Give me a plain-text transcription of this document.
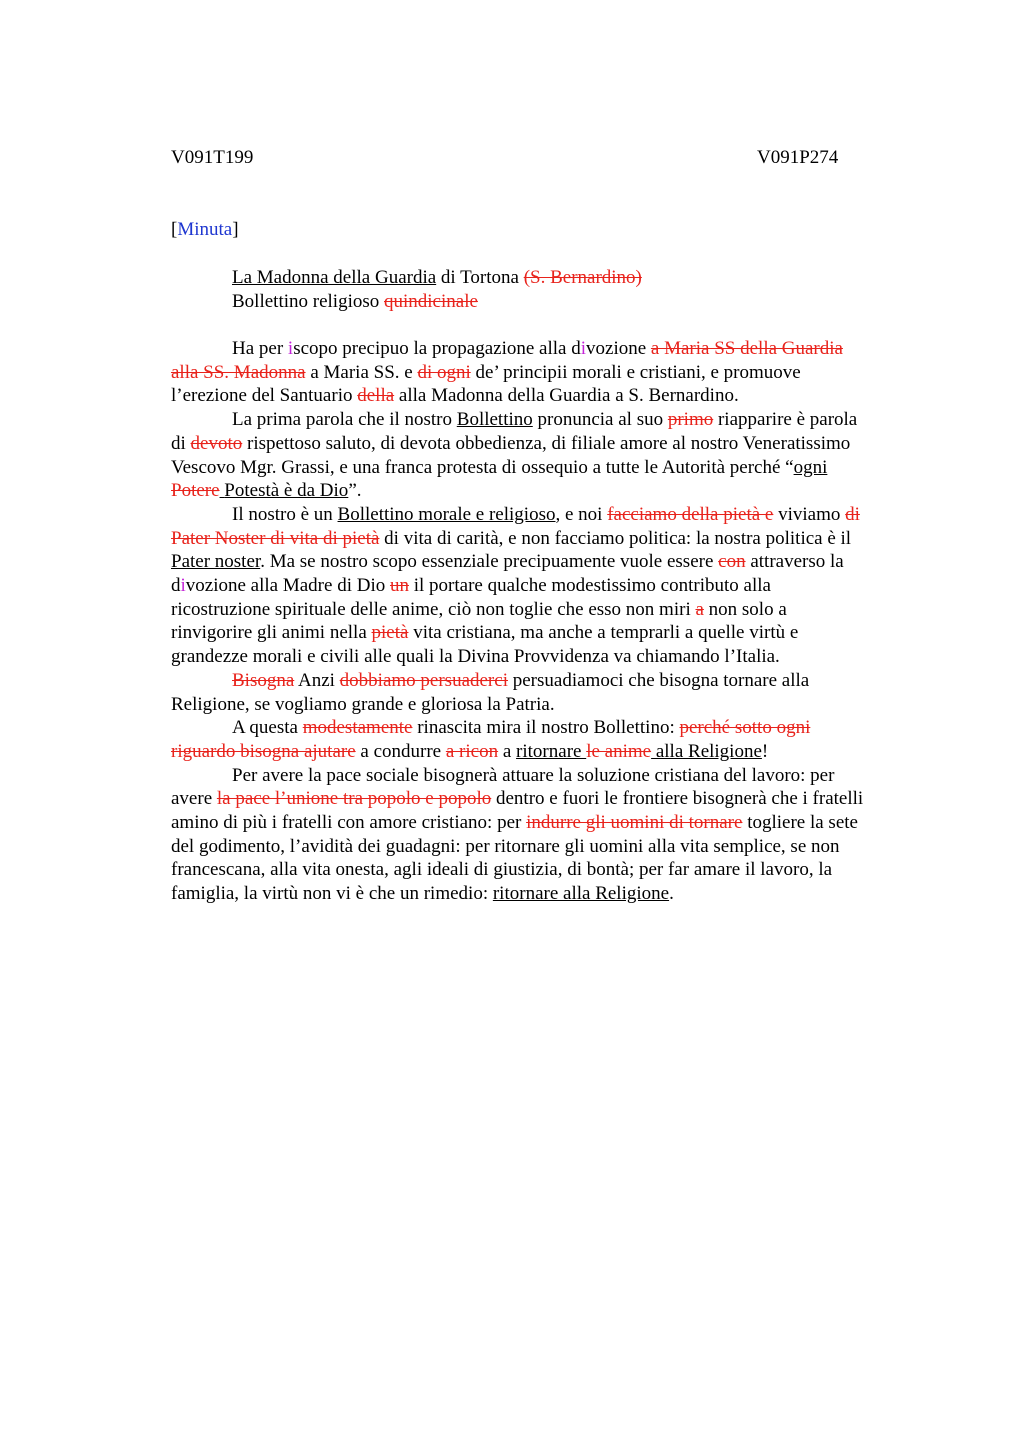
V091T199	V091P274
[Minuta]
La Madonna della Guardia di Tortona (S. Bernardino)
Bollettino religioso quindicinale
Ha per iscopo precipuo la propagazione alla divozione a Maria SS della Guardia
alla SS. Madonna a Maria SS. e di ogni de’ principii morali e cristiani, e promuove
l’erezione del Santuario della alla Madonna della Guardia a S. Bernardino.
La prima parola che il nostro Bollettino pronuncia al suo primo riapparire è parola
di devoto rispettoso saluto, di devota obbedienza, di filiale amore al nostro Veneratissimo
Vescovo Mgr. Grassi, e una franca protesta di ossequio a tutte le Autorità perché “ogni
Potere Potestà è da Dio”.
Il nostro è un Bollettino morale e religioso, e noi facciamo della pietà e viviamo di
Pater Noster di vita di pietà di vita di carità, e non facciamo politica: la nostra politica è il
Pater noster. Ma se nostro scopo essenziale precipuamente vuole essere con attraverso la
divozione alla Madre di Dio un il portare qualche modestissimo contributo alla
ricostruzione spirituale delle anime, ciò non toglie che esso non miri a non solo a
rinvigorire gli animi nella pietà vita cristiana, ma anche a temprarli a quelle virtù e
grandezze morali e civili alle quali la Divina Provvidenza va chiamando l’Italia.
Bisogna Anzi dobbiamo persuaderci persuadiamoci che bisogna tornare alla
Religione, se vogliamo grande e gloriosa la Patria.
A questa modestamente rinascita mira il nostro Bollettino: perché sotto ogni
riguardo bisogna ajutare a condurre a ricon a ritornare le anime alla Religione!
Per avere la pace sociale bisognerà attuare la soluzione cristiana del lavoro: per
avere la pace l’unione tra popolo e popolo dentro e fuori le frontiere bisognerà che i fratelli
amino di più i fratelli con amore cristiano: per indurre gli uomini di tornare togliere la sete
del godimento, l’avidità dei guadagni: per ritornare gli uomini alla vita semplice, se non
francescana, alla vita onesta, agli ideali di giustizia, di bontà; per far amare il lavoro, la
famiglia, la virtù non vi è che un rimedio: ritornare alla Religione.
